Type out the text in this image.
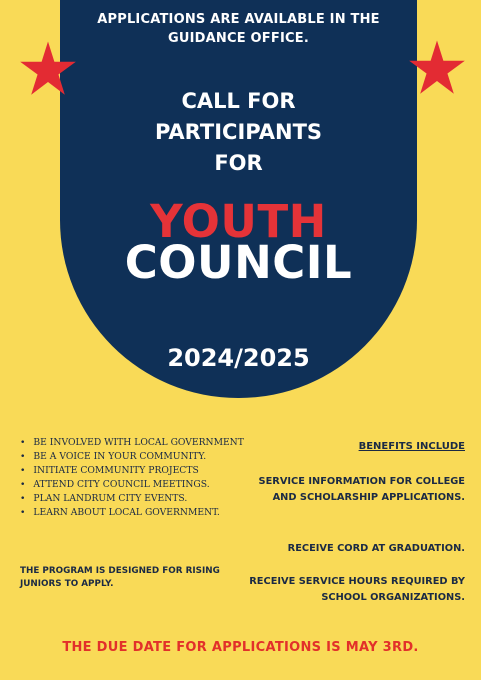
APPLICATIONS ARE AVAILABLE IN THE GUIDANCE OFFICE.
CALL FOR
PARTICIPANTS
FOR
YOUTH
COUNCIL
2024/2025
• BE INVOLVED WITH LOCAL GOVERNMENT
• BE A VOICE IN YOUR COMMUNITY.
• INITIATE COMMUNITY PROJECTS
• ATTEND CITY COUNCIL MEETINGS.
• PLAN LANDRUM CITY EVENTS.
• LEARN ABOUT LOCAL GOVERNMENT.
THE PROGRAM IS DESIGNED FOR RISING JUNIORS TO APPLY.
BENEFITS INCLUDE
SERVICE INFORMATION FOR COLLEGE AND SCHOLARSHIP APPLICATIONS.
RECEIVE CORD AT GRADUATION.
RECEIVE SERVICE HOURS REQUIRED BY SCHOOL ORGANIZATIONS.
THE DUE DATE FOR APPLICATIONS IS MAY 3RD.
